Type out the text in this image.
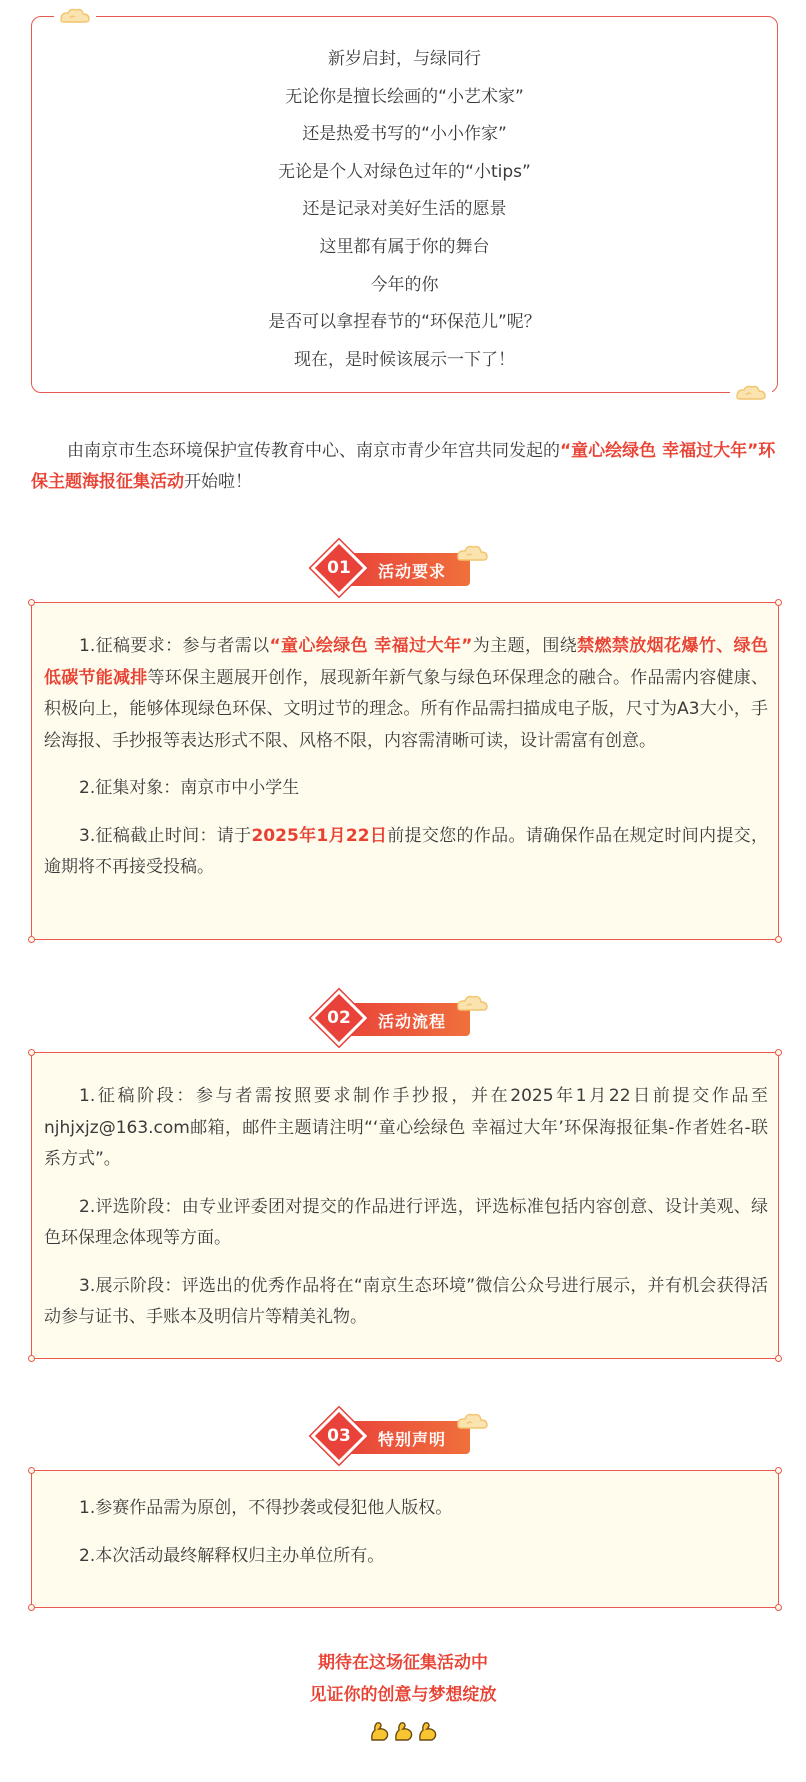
新岁启封，与绿同行
无论你是擅长绘画的“小艺术家”
还是热爱书写的“小小作家”
无论是个人对绿色过年的“小tips”
还是记录对美好生活的愿景
这里都有属于你的舞台
今年的你
是否可以拿捏春节的“环保范儿”呢？
现在，是时候该展示一下了！
由南京市生态环境保护宣传教育中心、南京市青少年宫共同发起的“童心绘绿色 幸福过大年”环保主题海报征集活动开始啦！
活动要求
01

1.征稿要求：参与者需以“童心绘绿色 幸福过大年”为主题，围绕禁燃禁放烟花爆竹、绿色低碳节能减排等环保主题展开创作，展现新年新气象与绿色环保理念的融合。作品需内容健康、积极向上，能够体现绿色环保、文明过节的理念。所有作品需扫描成电子版，尺寸为A3大小，手绘海报、手抄报等表达形式不限、风格不限，内容需清晰可读，设计需富有创意。

2.征集对象：南京市中小学生

3.征稿截止时间：请于2025年1月22日前提交您的作品。请确保作品在规定时间内提交，逾期将不再接受投稿。

活动流程
02

1.征稿阶段：参与者需按照要求制作手抄报，并在2025年1月22日前提交作品至njhjxjz@163.com邮箱，邮件主题请注明“‘童心绘绿色 幸福过大年’环保海报征集-作者姓名-联系方式”。

2.评选阶段：由专业评委团对提交的作品进行评选，评选标准包括内容创意、设计美观、绿色环保理念体现等方面。

3.展示阶段：评选出的优秀作品将在“南京生态环境”微信公众号进行展示，并有机会获得活动参与证书、手账本及明信片等精美礼物。

特别声明
03

1.参赛作品需为原创，不得抄袭或侵犯他人版权。

2.本次活动最终解释权归主办单位所有。

期待在这场征集活动中
见证你的创意与梦想绽放
